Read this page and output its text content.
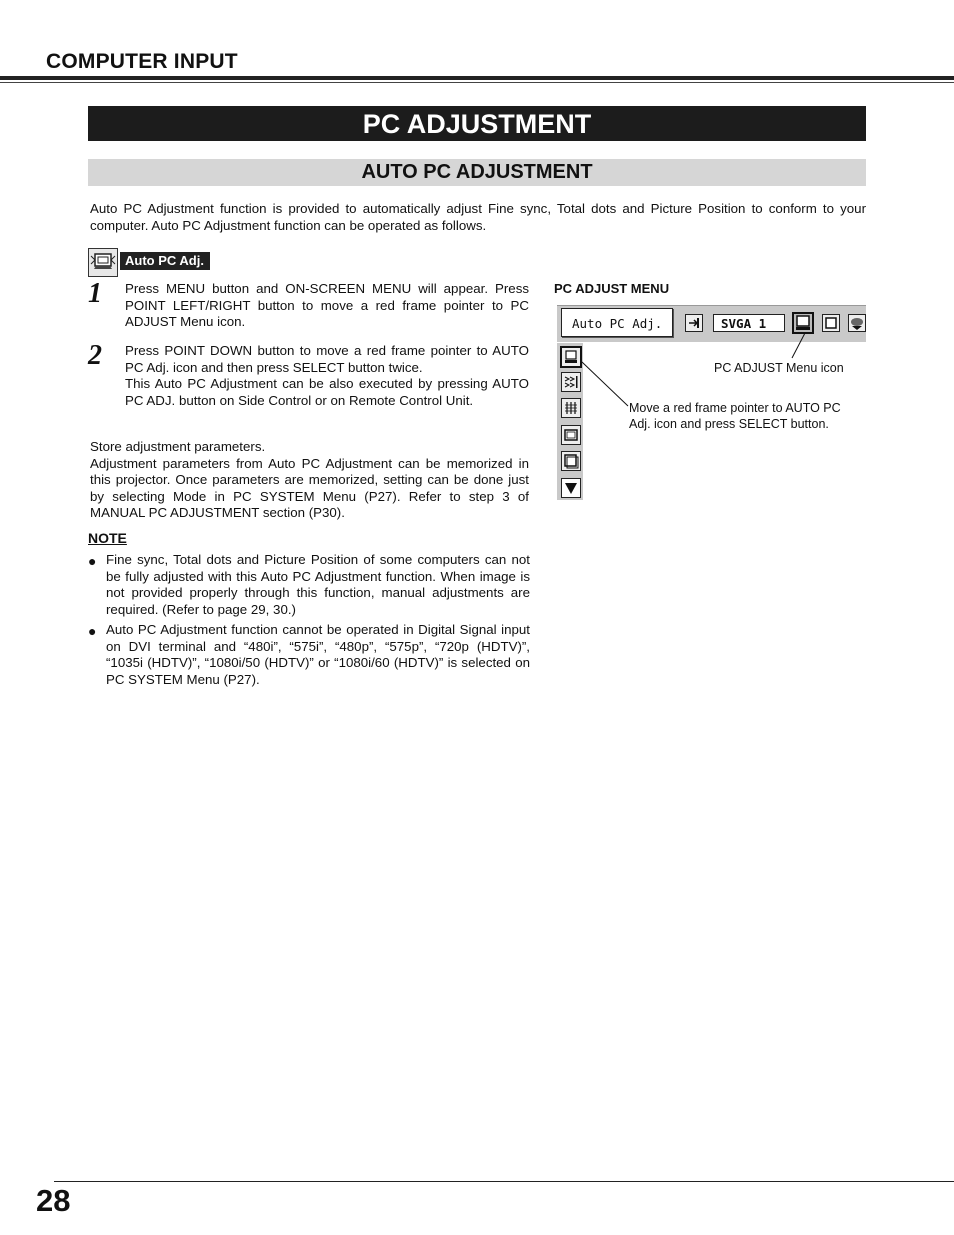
COMPUTER INPUT
PC ADJUSTMENT
AUTO PC ADJUSTMENT
Auto PC Adjustment function is provided to automatically adjust Fine sync, Total dots and Picture Position to conform to your computer. Auto PC Adjustment function can be operated as follows.
Auto PC Adj.
1 Press MENU button and ON-SCREEN MENU will appear. Press POINT LEFT/RIGHT button to move a red frame pointer to PC ADJUST Menu icon.
2 Press POINT DOWN button to move a red frame pointer to AUTO PC Adj. icon and then press SELECT button twice.
This Auto PC Adjustment can be also executed by pressing AUTO PC ADJ. button on Side Control or on Remote Control Unit.
Store adjustment parameters.
Adjustment parameters from Auto PC Adjustment can be memorized in this projector. Once parameters are memorized, setting can be done just by selecting Mode in PC SYSTEM Menu (P27). Refer to step 3 of MANUAL PC ADJUSTMENT section (P30).
NOTE
● Fine sync, Total dots and Picture Position of some computers can not be fully adjusted with this Auto PC Adjustment function. When image is not provided properly through this function, manual adjustments are required. (Refer to page 29, 30.)
● Auto PC Adjustment function cannot be operated in Digital Signal input on DVI terminal and “480i”, “575i”, “480p”, “575p”, “720p (HDTV)”, “1035i (HDTV)”, “1080i/50 (HDTV)” or “1080i/60 (HDTV)” is selected on PC SYSTEM Menu (P27).
PC ADJUST MENU
Auto PC Adj.	SVGA 1
PC ADJUST Menu icon
Move a red frame pointer to AUTO PC Adj. icon and press SELECT button.
28
